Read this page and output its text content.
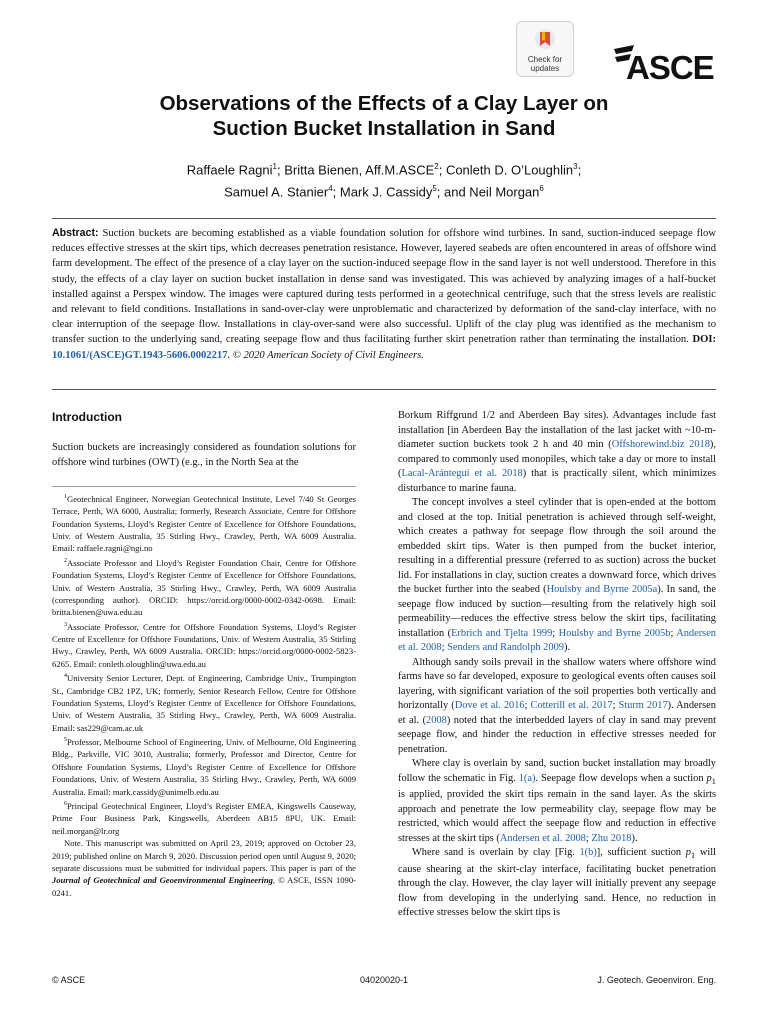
Check for
updates	ASCE
Observations of the Effects of a Clay Layer on
Suction Bucket Installation in Sand
Raffaele Ragni$^1$; Britta Bienen, Aff.M.ASCE$^2$; Conleth D. O’Loughlin$^3$;
Samuel A. Stanier$^4$; Mark J. Cassidy$^5$; and Neil Morgan$^6$
Abstract: Suction buckets are becoming established as a viable foundation solution for offshore wind turbines. In sand, suction-induced seepage flow reduces effective stresses at the skirt tips, which decreases penetration resistance. However, layered seabeds are often encountered in areas of offshore wind farm development. The effect of the presence of a clay layer on the suction-induced seepage flow in the sand layer is not well understood. Therefore in this study, the effects of a clay layer on suction bucket installation in dense sand was investigated. This was achieved by analyzing images of a half-bucket installed against a Perspex window. The images were captured during tests performed in a geotechnical centrifuge, such that the stress levels are realistic and relevant to field conditions. Installations in sand-over-clay were unproblematic and characterized by deformation of the sand-clay interface, with no clear interruption of the seepage flow. Installations in clay-over-sand were also successful. Uplift of the clay plug was identified as the mechanism to transfer suction to the underlying sand, creating seepage flow and thus facilitating further skirt penetration rather than terminating the installation. DOI: 10.1061/(ASCE)GT.1943-5606.0002217. © 2020 American Society of Civil Engineers.
Introduction

Suction buckets are increasingly considered as foundation solutions for offshore wind turbines (OWT) (e.g., in the North Sea at the

$^1$Geotechnical Engineer, Norwegian Geotechnical Institute, Level 7/40 St Georges Terrace, Perth, WA 6000, Australia; formerly, Research Associate, Centre for Offshore Foundation Systems, Lloyd’s Register Centre of Excellence for Offshore Foundations, Univ. of Western Australia, 35 Stirling Hwy., Crawley, Perth, WA 6009 Australia. Email: raffaele.ragni@ngi.no

$^2$Associate Professor and Lloyd’s Register Foundation Chair, Centre for Offshore Foundation Systems, Lloyd’s Register Centre of Excellence for Offshore Foundations, Univ. of Western Australia, 35 Stirling Hwy., Crawley, Perth, WA 6009 Australia (corresponding author). ORCID: https://orcid.org/0000-0002-0342-0698. Email: britta.bienen@uwa.edu.au

$^3$Associate Professor, Centre for Offshore Foundation Systems, Lloyd’s Register Centre of Excellence for Offshore Foundations, Univ. of Western Australia, 35 Stirling Hwy., Crawley, Perth, WA 6009 Australia. ORCID: https://orcid.org/0000-0002-5823-6265. Email: conleth.oloughlin@uwa.edu.au

$^4$University Senior Lecturer, Dept. of Engineering, Cambridge Univ., Trumpington St., Cambridge CB2 1PZ, UK; formerly, Senior Research Fellow, Centre for Offshore Foundation Systems, Lloyd’s Register Centre of Excellence for Offshore Foundations, Univ. of Western Australia, 35 Stirling Hwy., Crawley, Perth, WA 6009 Australia. Email: sas229@cam.ac.uk

$^5$Professor, Melbourne School of Engineering, Univ. of Melbourne, Old Engineering Bldg., Parkville, VIC 3010, Australia; formerly, Professor and Director, Centre for Offshore Foundation Systems, Lloyd’s Register Centre of Excellence for Offshore Foundations, Univ. of Western Australia, 35 Stirling Hwy., Crawley, Perth, WA 6009 Australia. Email: mark.cassidy@unimelb.edu.au

$^6$Principal Geotechnical Engineer, Lloyd’s Register EMEA, Kingswells Causeway, Prime Four Business Park, Kingswells, Aberdeen AB15 8PU, UK. Email: neil.morgan@lr.org

Note. This manuscript was submitted on April 23, 2019; approved on October 23, 2019; published online on March 9, 2020. Discussion period open until August 9, 2020; separate discussions must be submitted for individual papers. This paper is part of the Journal of Geotechnical and Geoenvironmental Engineering, © ASCE, ISSN 1090-0241.

Borkum Riffgrund 1/2 and Aberdeen Bay sites). Advantages include fast installation [in Aberdeen Bay the installation of the last jacket with ~10-m-diameter suction buckets took 2 h and 40 min (Offshorewind.biz 2018), compared to commonly used monopiles, which take a day or more to install (Lacal-Arántegui et al. 2018) that is practically silent, which minimizes disturbance to marine fauna.

The concept involves a steel cylinder that is open-ended at the bottom and closed at the top. Initial penetration is achieved through self-weight, which creates a pathway for seepage flow through the soil around the embedded skirt tips. Water is then pumped from the bucket interior, resulting in a differential pressure (referred to as suction) across the bucket lid. For installations in clay, suction creates a downward force, which drives the bucket further into the seabed (Houlsby and Byrne 2005a). In sand, the seepage flow induced by suction—resulting from the relatively high soil permeability—reduces the effective stress below the skirt tips, facilitating installation (Erbrich and Tjelta 1999; Houlsby and Byrne 2005b; Andersen et al. 2008; Senders and Randolph 2009).

Although sandy soils prevail in the shallow waters where offshore wind farms have so far developed, exposure to geological events often causes soil layering, with significant variation of the soil properties both vertically and horizontally (Dove et al. 2016; Cotterill et al. 2017; Sturm 2017). Andersen et al. (2008) noted that the interbedded layers of clay in sand may prevent seepage flow, and hinder the reduction in effective stresses needed for penetration.

Where clay is overlain by sand, suction bucket installation may broadly follow the schematic in Fig. 1(a). Seepage flow develops when a suction $p_1$ is applied, provided the skirt tips remain in the sand layer. As the skirts approach and penetrate the low permeability clay, seepage flow may be restricted, which would affect the seepage flow and reduction in effective stresses at the skirt tips (Andersen et al. 2008; Zhu 2018).

Where sand is overlain by clay [Fig. 1(b)], sufficient suction $p_1$ will cause shearing at the skirt-clay interface, facilitating bucket penetration through the clay. However, the clay layer will initially prevent any seepage flow from developing in the underlying sand. Hence, no reduction in effective stresses below the skirt tips is

© ASCE	04020020-1	J. Geotech. Geoenviron. Eng.
